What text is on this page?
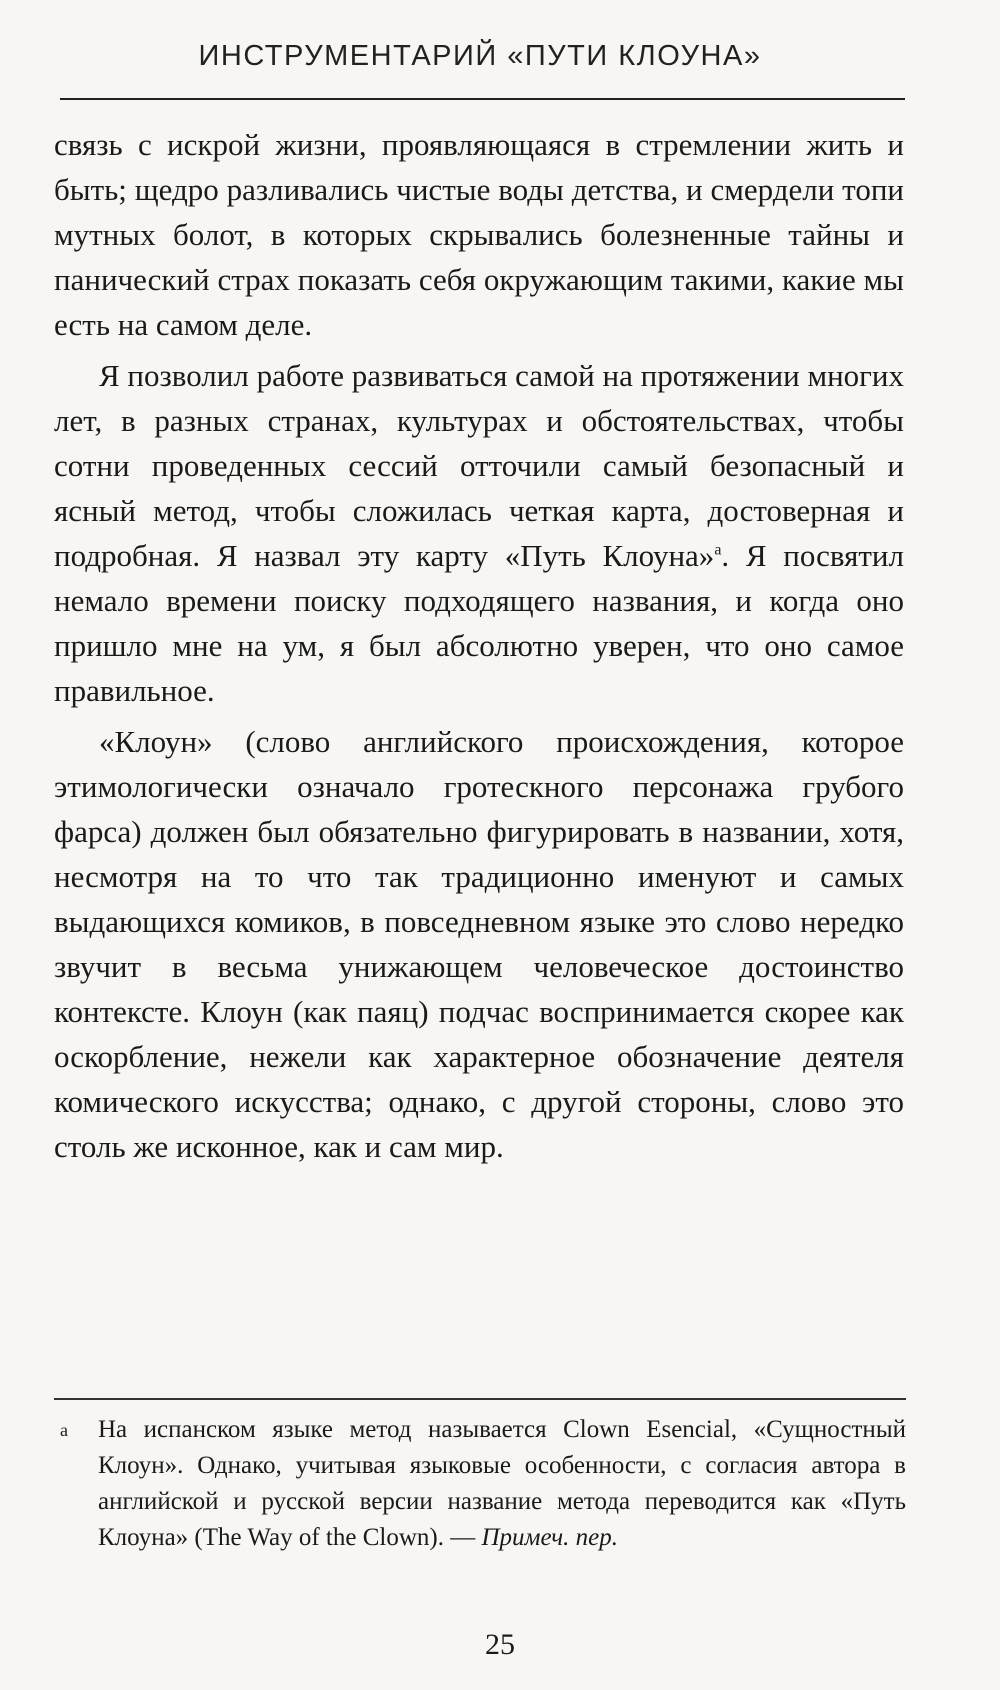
ИНСТРУМЕНТАРИЙ «ПУТИ КЛОУНА»

связь с искрой жизни, проявляющаяся в стремлении жить и быть; щедро разливались чистые воды детства, и смердели топи мутных болот, в которых скрывались болезненные тайны и панический страх показать себя окружающим такими, какие мы есть на самом деле.

Я позволил работе развиваться самой на протяжении многих лет, в разных странах, культурах и обстоятельствах, чтобы сотни проведенных сессий отточили самый безопасный и ясный метод, чтобы сложилась четкая карта, достоверная и подробная. Я назвал эту карту «Путь Клоуна»$^а$. Я посвятил немало времени поиску подходящего названия, и когда оно пришло мне на ум, я был абсолютно уверен, что оно самое правильное.

«Клоун» (слово английского происхождения, которое этимологически означало гротескного персонажа грубого фарса) должен был обязательно фигурировать в названии, хотя, несмотря на то что так традиционно именуют и самых выдающихся комиков, в повседневном языке это слово нередко звучит в весьма унижающем человеческое достоинство контексте. Клоун (как паяц) подчас воспринимается скорее как оскорбление, нежели как характерное обозначение деятеля комического искусства; однако, с другой стороны, слово это столь же исконное, как и сам мир.

а На испанском языке метод называется Clown Esencial, «Сущностный Клоун». Однако, учитывая языковые особенности, с согласия автора в английской и русской версии название метода переводится как «Путь Клоуна» (The Way of the Clown). — Примеч. пер.
25
